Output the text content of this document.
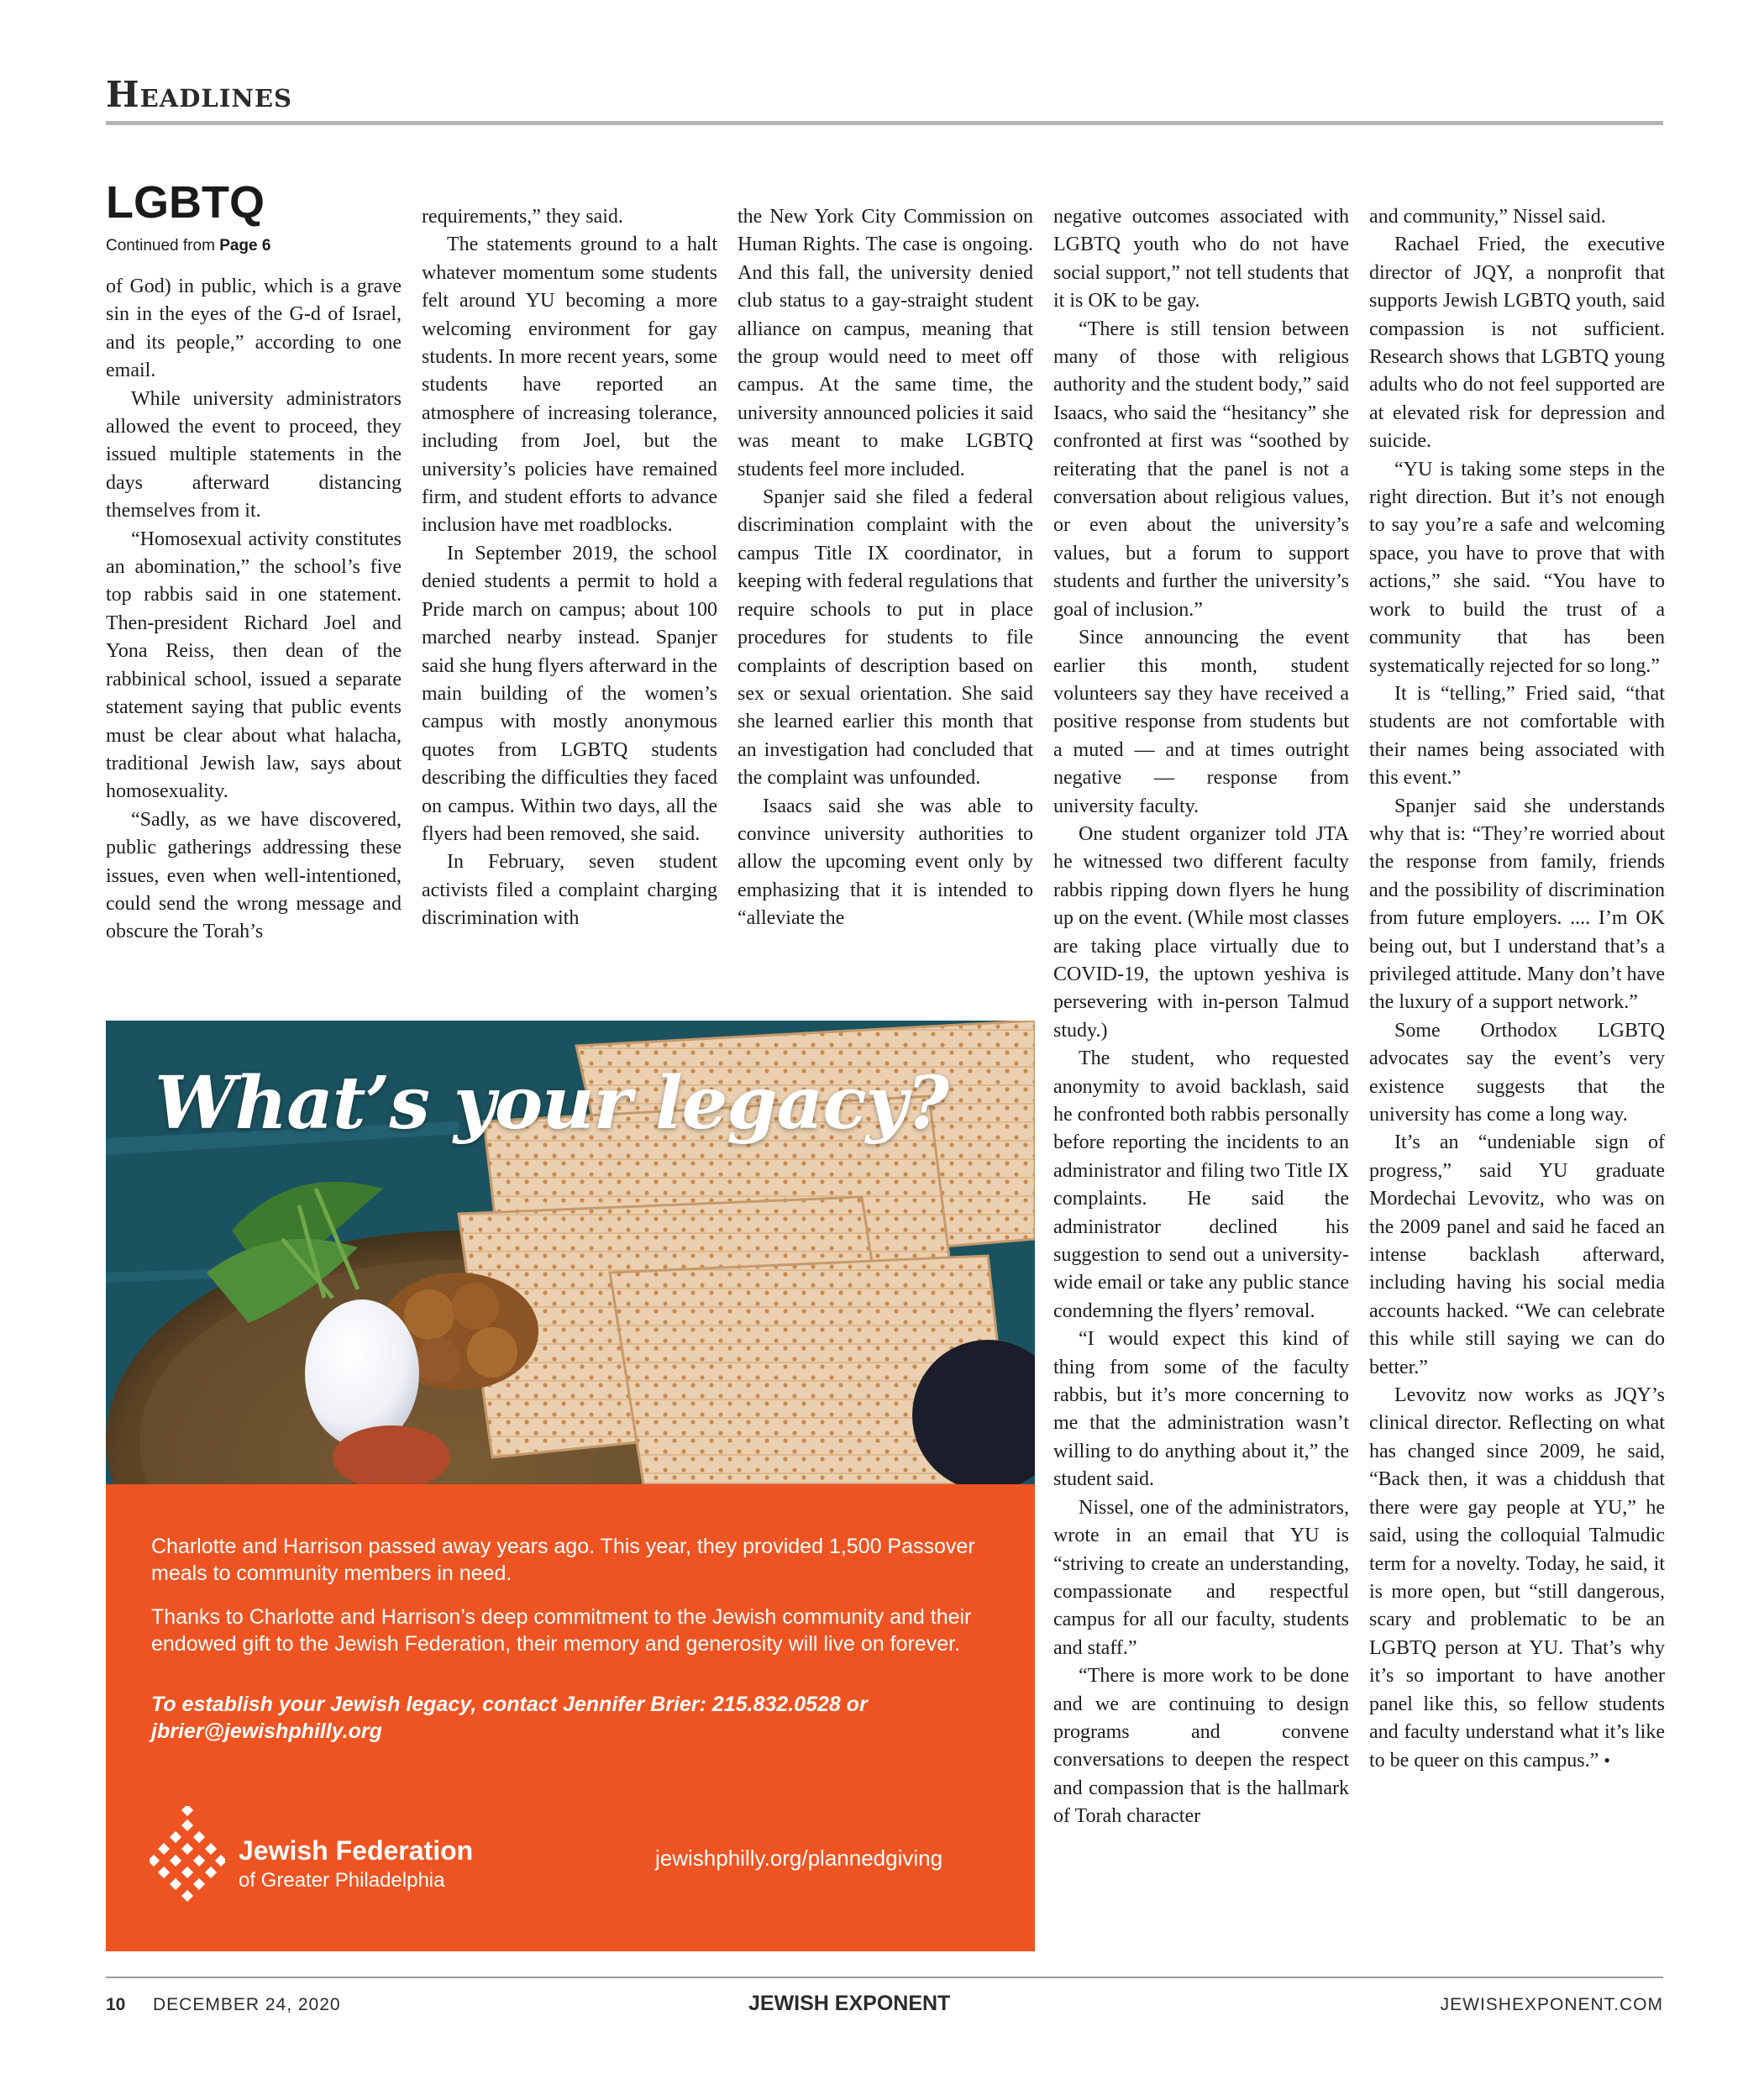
Headlines
LGBTQ
Continued from Page 6

of God) in public, which is a grave sin in the eyes of the G-d of Israel, and its people,” according to one email.

While university administrators allowed the event to proceed, they issued multiple statements in the days afterward distancing themselves from it.

“Homosexual activity constitutes an abomination,” the school’s five top rabbis said in one statement. Then-president Richard Joel and Yona Reiss, then dean of the rabbinical school, issued a separate statement saying that public events must be clear about what halacha, traditional Jewish law, says about homosexuality.

“Sadly, as we have discovered, public gatherings addressing these issues, even when well-intentioned, could send the wrong message and obscure the Torah’s

requirements,” they said.

The statements ground to a halt whatever momentum some students felt around YU becoming a more welcoming environment for gay students. In more recent years, some students have reported an atmosphere of increasing tolerance, including from Joel, but the university’s policies have remained firm, and student efforts to advance inclusion have met roadblocks.

In September 2019, the school denied students a permit to hold a Pride march on campus; about 100 marched nearby instead. Spanjer said she hung flyers afterward in the main building of the women’s campus with mostly anonymous quotes from LGBTQ students describing the difficulties they faced on campus. Within two days, all the flyers had been removed, she said.

In February, seven student activists filed a complaint charging discrimination with

the New York City Commission on Human Rights. The case is ongoing. And this fall, the university denied club status to a gay-straight student alliance on campus, meaning that the group would need to meet off campus. At the same time, the university announced policies it said was meant to make LGBTQ students feel more included.

Spanjer said she filed a federal discrimination complaint with the campus Title IX coordinator, in keeping with federal regulations that require schools to put in place procedures for students to file complaints of description based on sex or sexual orientation. She said she learned earlier this month that an investigation had concluded that the complaint was unfounded.

Isaacs said she was able to convince university authorities to allow the upcoming event only by emphasizing that it is intended to “alleviate the

negative outcomes associated with LGBTQ youth who do not have social support,” not tell students that it is OK to be gay.

“There is still tension between many of those with religious authority and the student body,” said Isaacs, who said the “hesitancy” she confronted at first was “soothed by reiterating that the panel is not a conversation about religious values, or even about the university’s values, but a forum to support students and further the university’s goal of inclusion.”

Since announcing the event earlier this month, student volunteers say they have received a positive response from students but a muted — and at times outright negative — response from university faculty.

One student organizer told JTA he witnessed two different faculty rabbis ripping down flyers he hung up on the event. (While most classes are taking place virtually due to COVID-19, the uptown yeshiva is persevering with in-person Talmud study.)

The student, who requested anonymity to avoid backlash, said he confronted both rabbis personally before reporting the incidents to an administrator and filing two Title IX complaints. He said the administrator declined his suggestion to send out a university-wide email or take any public stance condemning the flyers’ removal.

“I would expect this kind of thing from some of the faculty rabbis, but it’s more concerning to me that the administration wasn’t willing to do anything about it,” the student said.

Nissel, one of the administrators, wrote in an email that YU is “striving to create an understanding, compassionate and respectful campus for all our faculty, students and staff.”

“There is more work to be done and we are continuing to design programs and convene conversations to deepen the respect and compassion that is the hallmark of Torah character

and community,” Nissel said.

Rachael Fried, the executive director of JQY, a nonprofit that supports Jewish LGBTQ youth, said compassion is not sufficient. Research shows that LGBTQ young adults who do not feel supported are at elevated risk for depression and suicide.

“YU is taking some steps in the right direction. But it’s not enough to say you’re a safe and welcoming space, you have to prove that with actions,” she said. “You have to work to build the trust of a community that has been systematically rejected for so long.”

It is “telling,” Fried said, “that students are not comfortable with their names being associated with this event.”

Spanjer said she understands why that is: “They’re worried about the response from family, friends and the possibility of discrimination from future employers. .... I’m OK being out, but I understand that’s a privileged attitude. Many don’t have the luxury of a support network.”

Some Orthodox LGBTQ advocates say the event’s very existence suggests that the university has come a long way.

It’s an “undeniable sign of progress,” said YU graduate Mordechai Levovitz, who was on the 2009 panel and said he faced an intense backlash afterward, including having his social media accounts hacked. “We can celebrate this while still saying we can do better.”

Levovitz now works as JQY’s clinical director. Reflecting on what has changed since 2009, he said, “Back then, it was a chiddush that there were gay people at YU,” he said, using the colloquial Talmudic term for a novelty. Today, he said, it is more open, but “still dangerous, scary and problematic to be an LGBTQ person at YU. That’s why it’s so important to have another panel like this, so fellow students and faculty understand what it’s like to be queer on this campus.” •

What’s your legacy?
Charlotte and Harrison passed away years ago. This year, they provided 1,500 Passover meals to community members in need.
Thanks to Charlotte and Harrison’s deep commitment to the Jewish community and their endowed gift to the Jewish Federation, their memory and generosity will live on forever.
To establish your Jewish legacy, contact Jennifer Brier: 215.832.0528 or jbrier@jewishphilly.org
Jewish Federation
of Greater Philadelphia
jewishphilly.org/plannedgiving
10 DECEMBER 24, 2020	JEWISH EXPONENT	JEWISHEXPONENT.COM
